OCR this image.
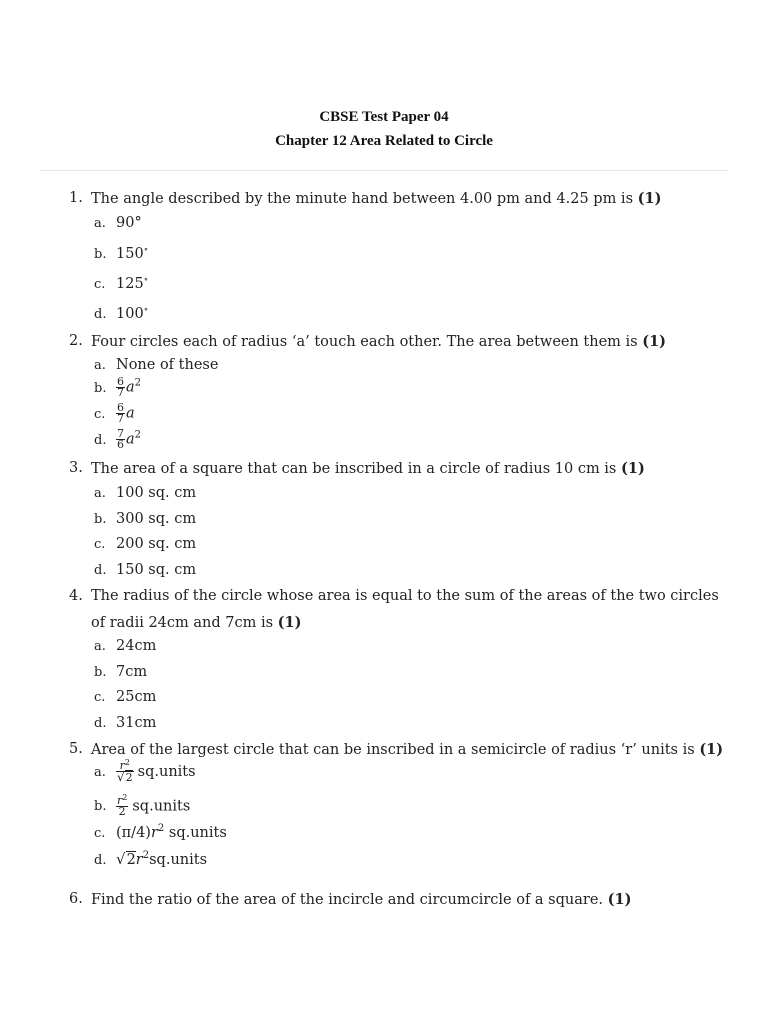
CBSE Test Paper 04
Chapter 12 Area Related to Circle
1. The angle described by the minute hand between 4.00 pm and 4.25 pm is (1)
a. 90°
b. 150∘
c. 125∘
d. 100∘
2. Four circles each of radius ‘a’ touch each other. The area between them is (1)
a. None of these
b. $\frac{6}{7} a^2$
c. $\frac{6}{7}$ a
d. $\frac{7}{6} a^2$
3. The area of a square that can be inscribed in a circle of radius 10 cm is (1)
a. 100 sq. cm
b. 300 sq. cm
c. 200 sq. cm
d. 150 sq. cm
4. The radius of the circle whose area is equal to the sum of the areas of the two circles of radii 24cm and 7cm is (1)
a. 24cm
b. 7cm
c. 25cm
d. 31cm
5. Area of the largest circle that can be inscribed in a semicircle of radius ‘r’ units is (1)
a. $\frac{r^2}{√2}$ sq.units
b. $\frac{r^2}{2}$ sq.units
c. $(\pi/4)r^2$ sq.units
d. $√2r^2sq.units$
6. Find the ratio of the area of the incircle and circumcircle of a square. (1)
